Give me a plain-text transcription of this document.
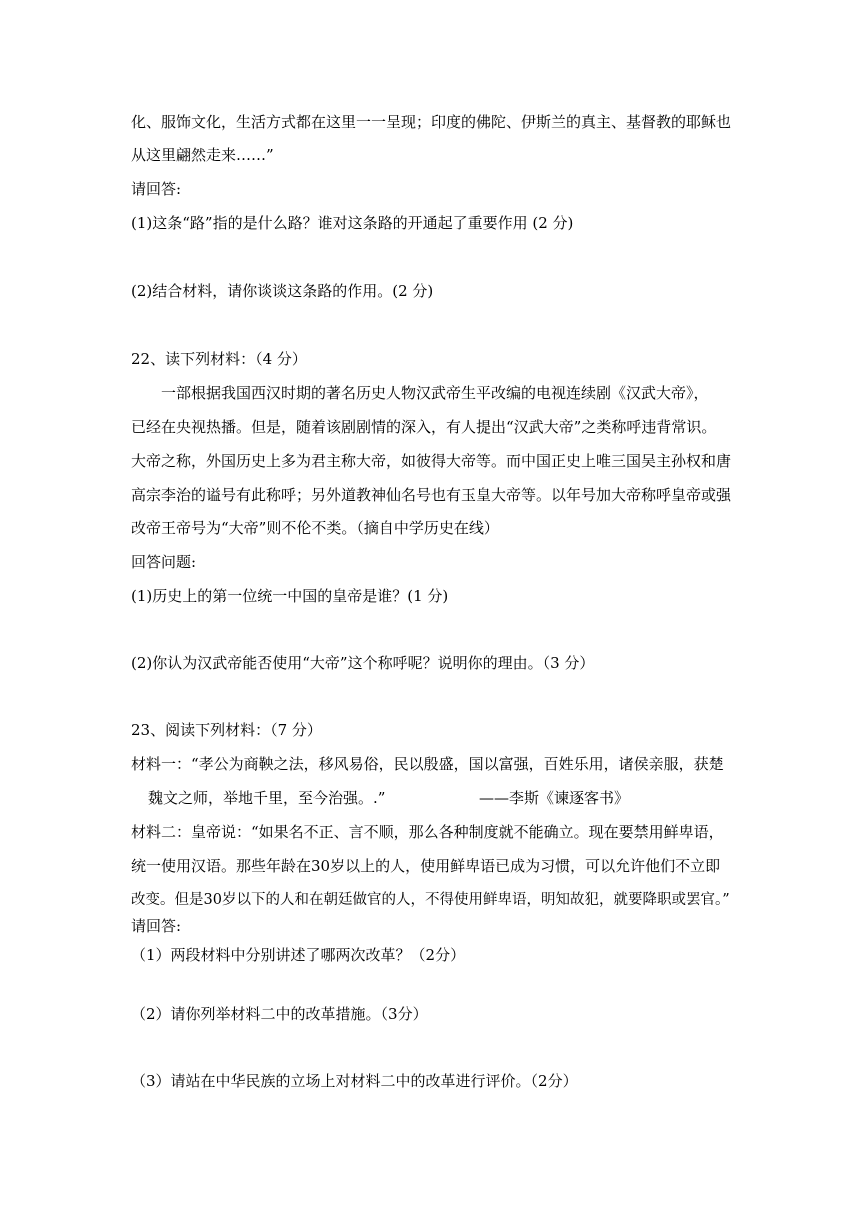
化、服饰文化，生活方式都在这里一一呈现；印度的佛陀、伊斯兰的真主、基督教的耶稣也
从这里翩然走来……”
请回答:
(1)这条“路”指的是什么路？谁对这条路的开通起了重要作用 (2 分)
(2)结合材料，请你谈谈这条路的作用。(2 分)
22、读下列材料：（4 分）
一部根据我国西汉时期的著名历史人物汉武帝生平改编的电视连续剧《汉武大帝》，
已经在央视热播。但是，随着该剧剧情的深入，有人提出“汉武大帝”之类称呼违背常识。
大帝之称，外国历史上多为君主称大帝，如彼得大帝等。而中国正史上唯三国吴主孙权和唐
高宗李治的谥号有此称呼；另外道教神仙名号也有玉皇大帝等。以年号加大帝称呼皇帝或强
改帝王帝号为“大帝”则不伦不类。（摘自中学历史在线）
回答问题:
(1)历史上的第一位统一中国的皇帝是谁？(1 分)
(2)你认为汉武帝能否使用“大帝”这个称呼呢？说明你的理由。（3 分）
23、阅读下列材料：（7 分）
材料一：“孝公为商鞅之法，移风易俗，民以殷盛，国以富强，百姓乐用，诸侯亲服，获楚
魏文之师，举地千里，至今治强。.”	——李斯《谏逐客书》
材料二：皇帝说：“如果名不正、言不顺，那么各种制度就不能确立。现在要禁用鲜卑语，
统一使用汉语。那些年龄在30岁以上的人，使用鲜卑语已成为习惯，可以允许他们不立即
改变。但是30岁以下的人和在朝廷做官的人，不得使用鲜卑语，明知故犯，就要降职或罢官。”
请回答:
（1）两段材料中分别讲述了哪两次改革？（2分）
（2）请你列举材料二中的改革措施。（3分）
（3）请站在中华民族的立场上对材料二中的改革进行评价。（2分）
